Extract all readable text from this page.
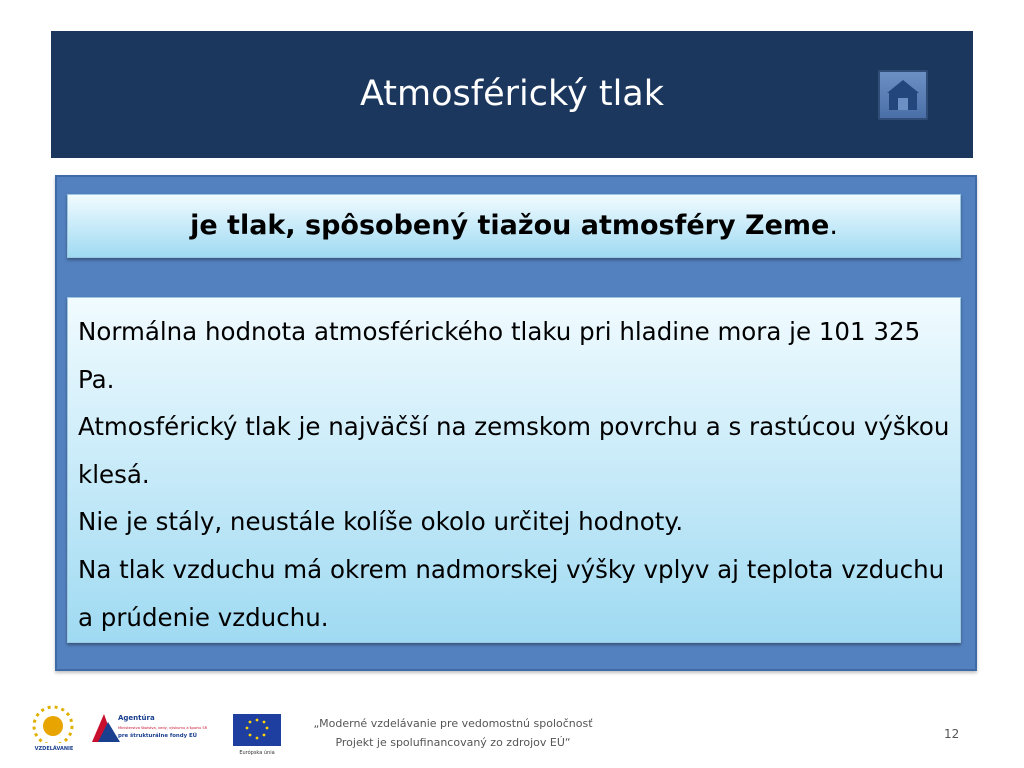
Atmosférický tlak
je tlak, spôsobený tiažou atmosféry Zeme.

Normálna hodnota atmosférického tlaku pri hladine mora je 101 325 Pa.

Atmosférický tlak je najväčší na zemskom povrchu a s rastúcou výškou klesá.

Nie je stály, neustále kolíše okolo určitej hodnoty.

Na tlak vzduchu má okrem nadmorskej výšky vplyv aj teplota vzduchu a prúdenie vzduchu.

VZDELÁVANIE
Agentúra
Ministerstva školstva, vedy, výskumu a športu SR
pre štrukturálne fondy EÚ
Európska únia
„Moderné vzdelávanie pre vedomostnú spoločnosť
Projekt je spolufinancovaný zo zdrojov EÚ“
12
